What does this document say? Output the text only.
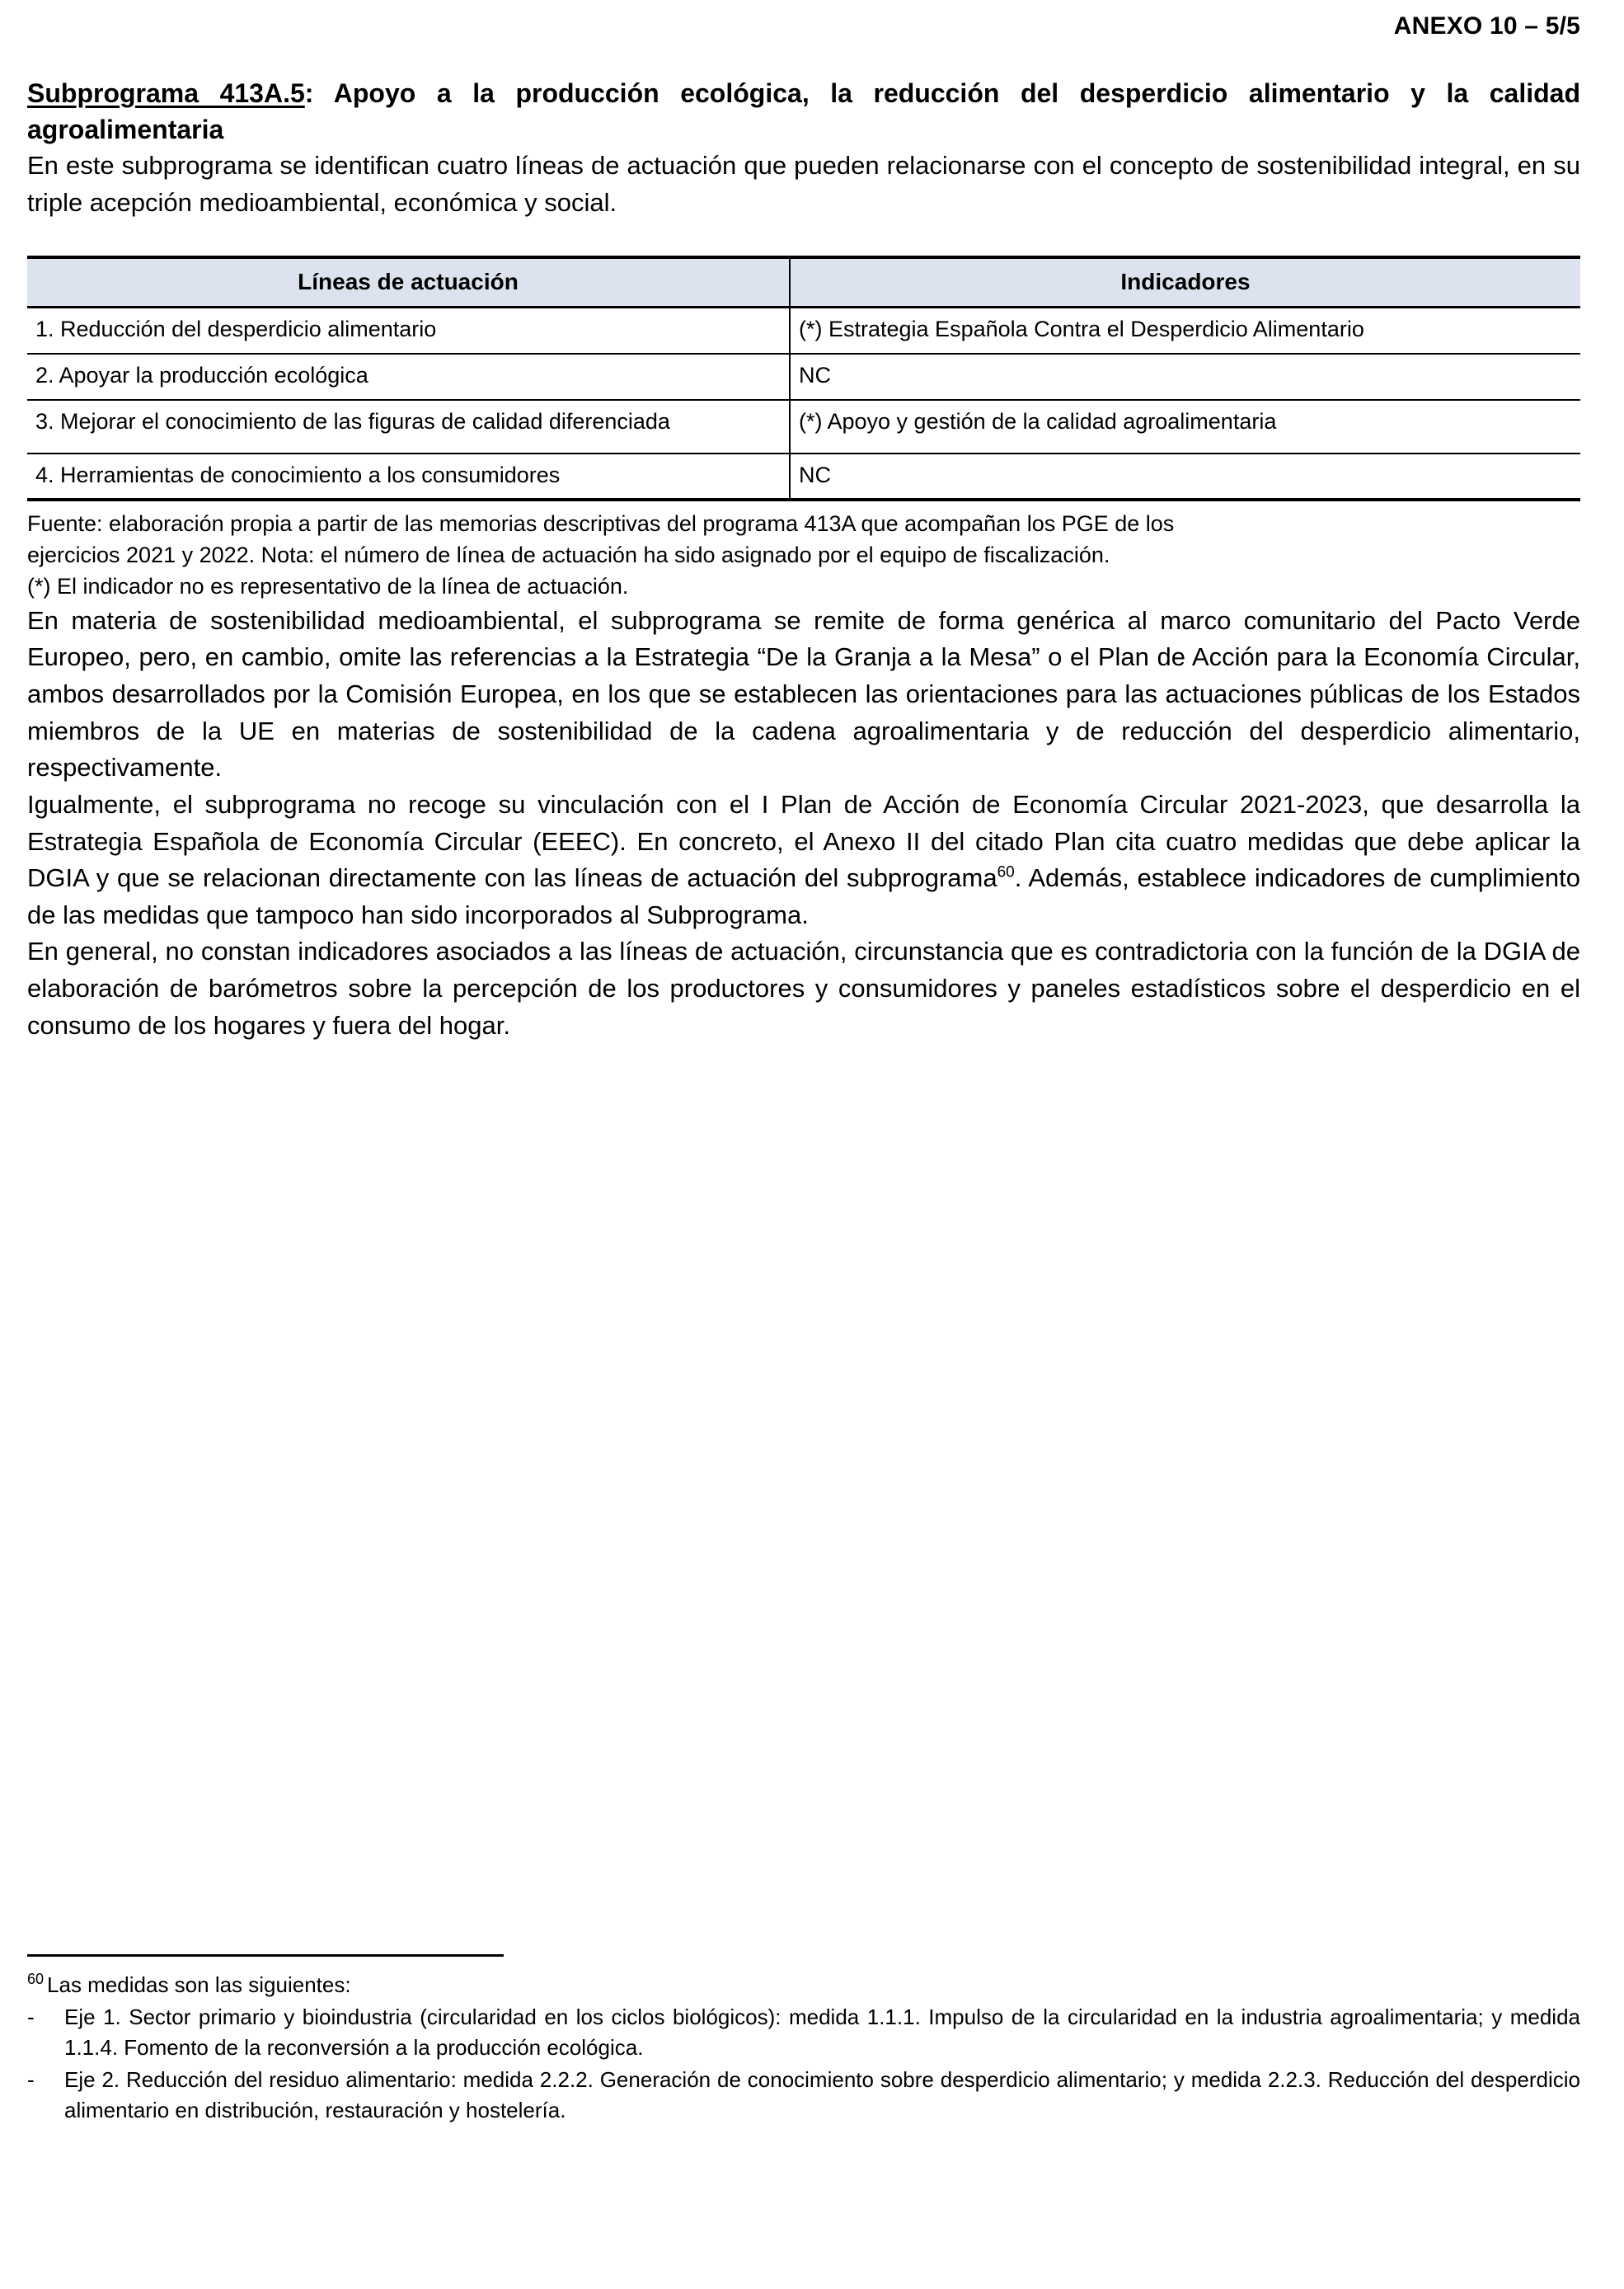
ANEXO 10 – 5/5
Subprograma 413A.5: Apoyo a la producción ecológica, la reducción del desperdicio alimentario y la calidad agroalimentaria

En este subprograma se identifican cuatro líneas de actuación que pueden relacionarse con el concepto de sostenibilidad integral, en su triple acepción medioambiental, económica y social.

Líneas de actuación	Indicadores
1. Reducción del desperdicio alimentario	(*) Estrategia Española Contra el Desperdicio Alimentario
2. Apoyar la producción ecológica	NC
3. Mejorar el conocimiento de las figuras de calidad diferenciada	(*) Apoyo y gestión de la calidad agroalimentaria
4. Herramientas de conocimiento a los consumidores	NC
Fuente: elaboración propia a partir de las memorias descriptivas del programa 413A que acompañan los PGE de los
ejercicios 2021 y 2022. Nota: el número de línea de actuación ha sido asignado por el equipo de fiscalización.
(*) El indicador no es representativo de la línea de actuación.

En materia de sostenibilidad medioambiental, el subprograma se remite de forma genérica al marco comunitario del Pacto Verde Europeo, pero, en cambio, omite las referencias a la Estrategia “De la Granja a la Mesa” o el Plan de Acción para la Economía Circular, ambos desarrollados por la Comisión Europea, en los que se establecen las orientaciones para las actuaciones públicas de los Estados miembros de la UE en materias de sostenibilidad de la cadena agroalimentaria y de reducción del desperdicio alimentario, respectivamente.

Igualmente, el subprograma no recoge su vinculación con el I Plan de Acción de Economía Circular 2021-2023, que desarrolla la Estrategia Española de Economía Circular (EEEC). En concreto, el Anexo II del citado Plan cita cuatro medidas que debe aplicar la DGIA y que se relacionan directamente con las líneas de actuación del subprograma$^{60}$. Además, establece indicadores de cumplimiento de las medidas que tampoco han sido incorporados al Subprograma.

En general, no constan indicadores asociados a las líneas de actuación, circunstancia que es contradictoria con la función de la DGIA de elaboración de barómetros sobre la percepción de los productores y consumidores y paneles estadísticos sobre el desperdicio en el consumo de los hogares y fuera del hogar.

$^{60}$ Las medidas son las siguientes:
- Eje 1. Sector primario y bioindustria (circularidad en los ciclos biológicos): medida 1.1.1. Impulso de la circularidad en la industria agroalimentaria; y medida 1.1.4. Fomento de la reconversión a la producción ecológica.
- Eje 2. Reducción del residuo alimentario: medida 2.2.2. Generación de conocimiento sobre desperdicio alimentario; y medida 2.2.3. Reducción del desperdicio alimentario en distribución, restauración y hostelería.
